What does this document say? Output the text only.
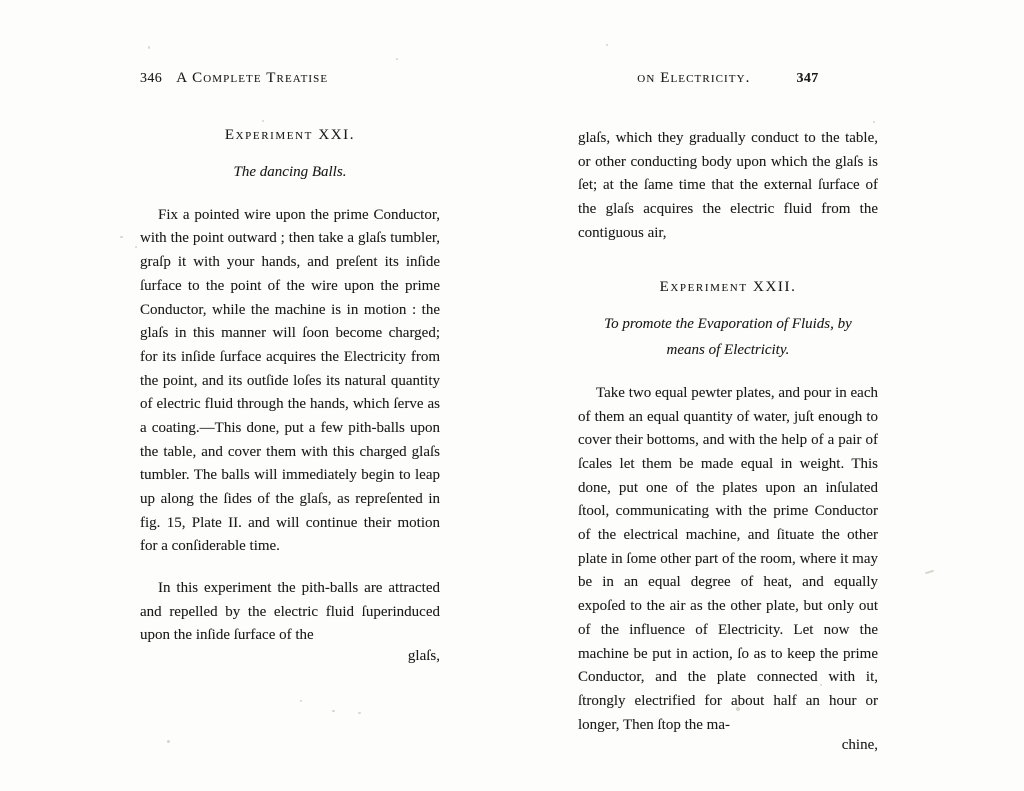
346 A Complete Treatise
Experiment XXI.
The dancing Balls.

Fix a pointed wire upon the prime Conductor, with the point outward ; then take a glaſs tumbler, graſp it with your hands, and preſent its inſide ſurface to the point of the wire upon the prime Conductor, while the machine is in motion : the glaſs in this manner will ſoon become charged; for its inſide ſurface acquires the Electricity from the point, and its outſide loſes its natural quantity of electric fluid through the hands, which ſerve as a coating.—This done, put a few pith-balls upon the table, and cover them with this charged glaſs tumbler. The balls will immediately begin to leap up along the ſides of the glaſs, as repreſented in fig. 15, Plate II. and will continue their motion for a conſiderable time.

In this experiment the pith-balls are attracted and repelled by the electric fluid ſuperinduced upon the inſide ſurface of the

glaſs,
on Electricity.	347

glaſs, which they gradually conduct to the table, or other conducting body upon which the glaſs is ſet; at the ſame time that the external ſurface of the glaſs acquires the electric fluid from the contiguous air,

Experiment XXII.
To promote the Evaporation of Fluids, by
means of Electricity.

Take two equal pewter plates, and pour in each of them an equal quantity of water, juſt enough to cover their bottoms, and with the help of a pair of ſcales let them be made equal in weight. This done, put one of the plates upon an inſulated ſtool, communicating with the prime Conductor of the electrical machine, and ſituate the other plate in ſome other part of the room, where it may be in an equal degree of heat, and equally expoſed to the air as the other plate, but only out of the influence of Electricity. Let now the machine be put in action, ſo as to keep the prime Conductor, and the plate connected with it, ſtrongly electrified for about half an hour or longer, Then ſtop the ma-

chine,
